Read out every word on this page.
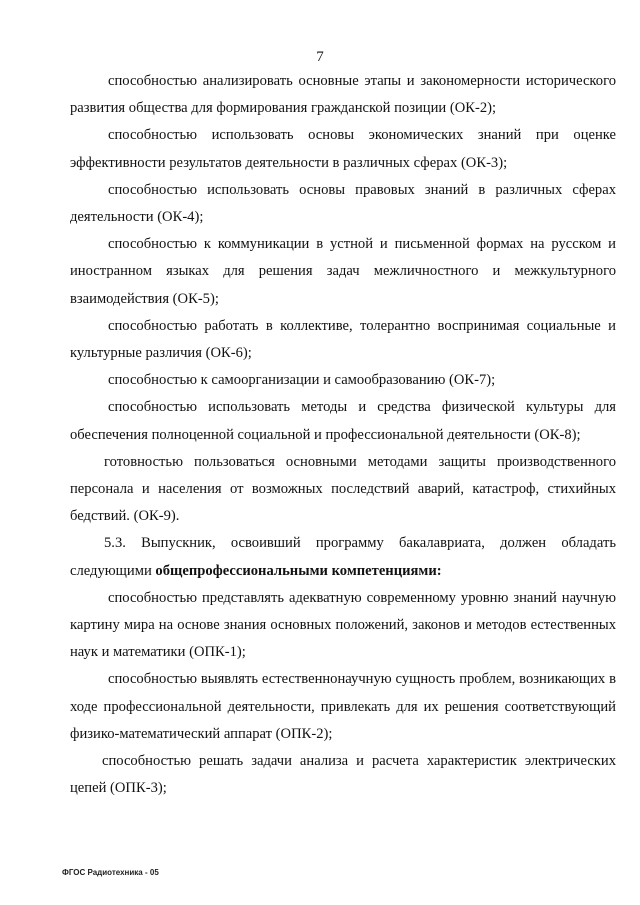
7

способностью анализировать основные этапы и закономерности исторического развития общества для формирования гражданской позиции (ОК-2);

способностью использовать основы экономических знаний при оценке эффективности результатов деятельности в различных сферах (ОК-3);

способностью использовать основы правовых знаний в различных сферах деятельности (ОК-4);

способностью к коммуникации в устной и письменной формах на русском и иностранном языках для решения задач межличностного и межкультурного взаимодействия (ОК-5);

способностью работать в коллективе, толерантно воспринимая социальные и культурные различия (ОК-6);

способностью к самоорганизации и самообразованию (ОК-7);

способностью использовать методы и средства физической культуры для обеспечения полноценной социальной и профессиональной деятельности (ОК-8);

готовностью пользоваться основными методами защиты производственного персонала и населения от возможных последствий аварий, катастроф, стихийных бедствий. (ОК-9).

5.3. Выпускник, освоивший программу бакалавриата, должен обладать следующими общепрофессиональными компетенциями:

способностью представлять адекватную современному уровню знаний научную картину мира на основе знания основных положений, законов и методов естественных наук и математики (ОПК-1);

способностью выявлять естественнонаучную сущность проблем, возникающих в ходе профессиональной деятельности, привлекать для их решения соответствующий физико-математический аппарат (ОПК-2);

способностью решать задачи анализа и расчета характеристик электрических цепей (ОПК-3);

ФГОС Радиотехника - 05
